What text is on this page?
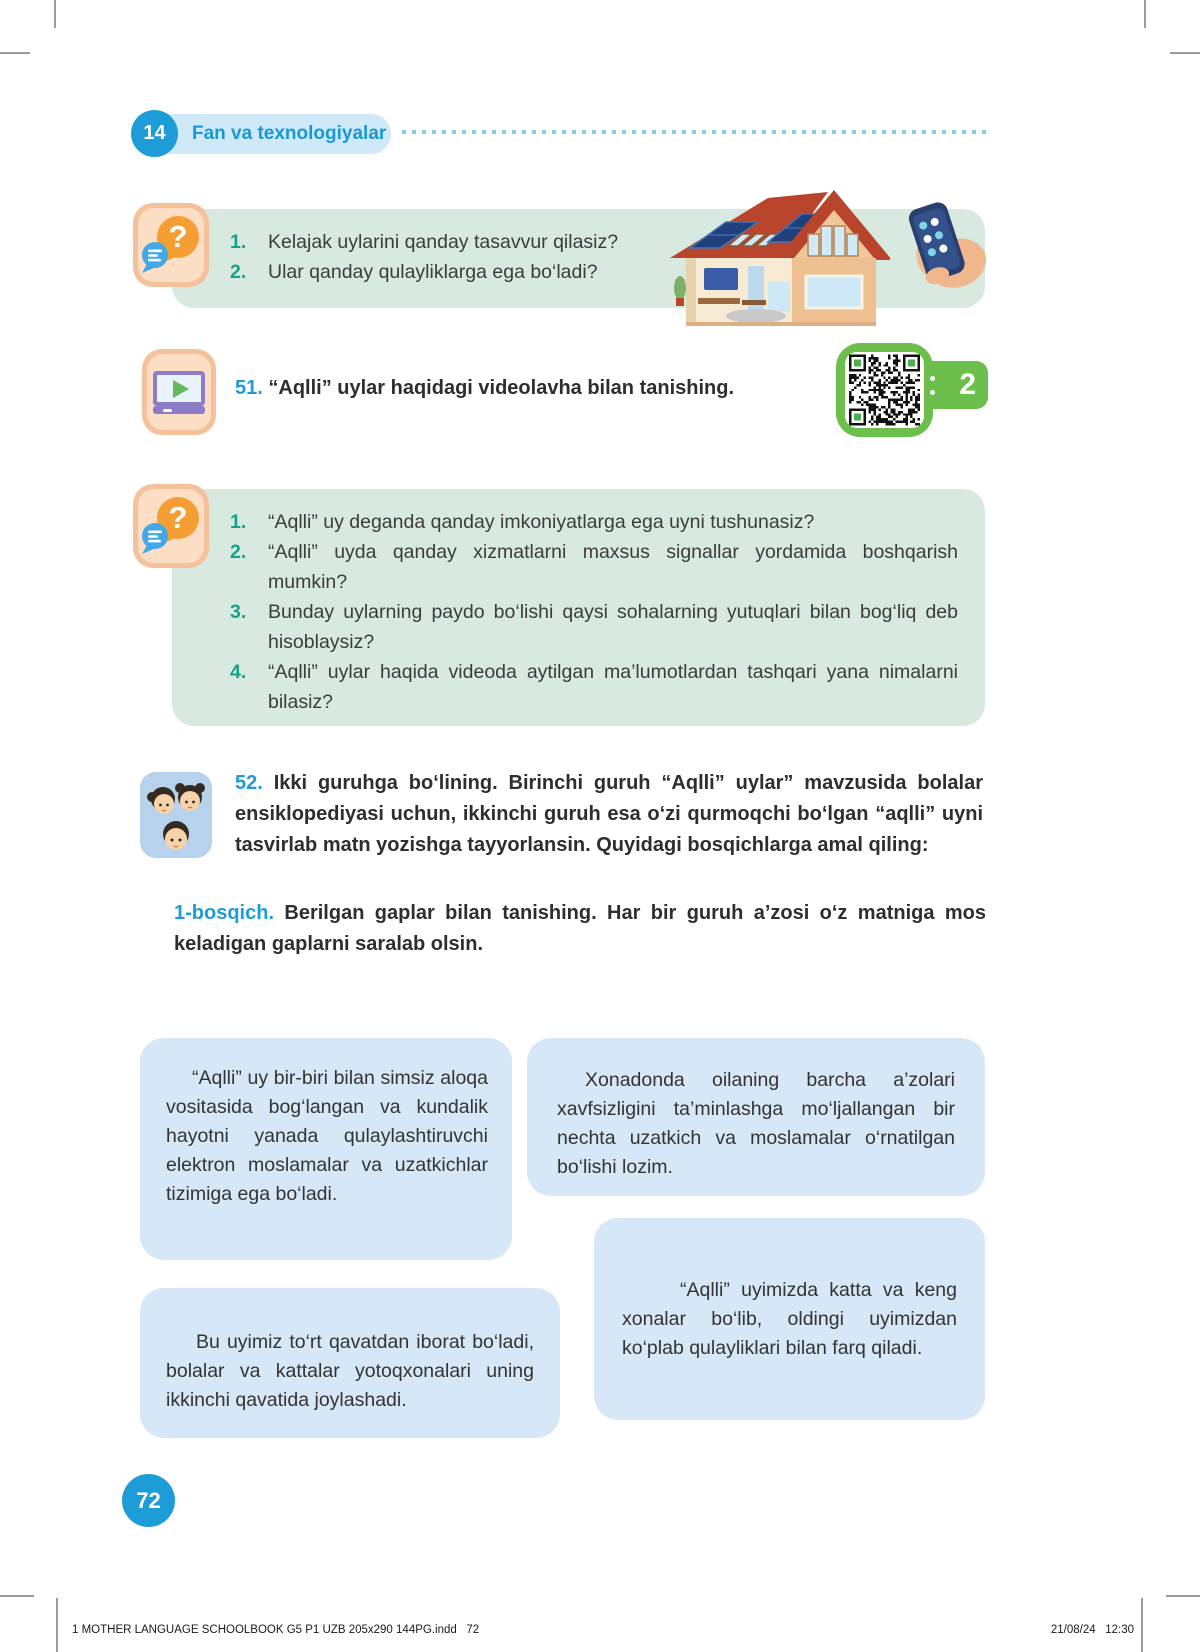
14	Fan va texnologiyalar
? 1.	Kelajak uylarini qanday tasavvur qilasiz?
2.	Ular qanday qulayliklarga ega bo‘ladi?
51. “Aqlli” uylar haqidagi videolavha bilan tanishing.	2
? 1.	“Aqlli” uy deganda qanday imkoniyatlarga ega uyni tushunasiz?
2.	“Aqlli” uyda qanday xizmatlarni maxsus signallar yordamida boshqarish mumkin?
3.	Bunday uylarning paydo bo‘lishi qaysi sohalarning yutuqlari bilan bog‘liq deb hisoblaysiz?
4.	“Aqlli” uylar haqida videoda aytilgan ma’lumotlardan tashqari yana nimalarni bilasiz?
52. Ikki guruhga bo‘lining. Birinchi guruh “Aqlli” uylar” mavzusida bolalar ensiklopediyasi uchun, ikkinchi guruh esa o‘zi qurmoqchi bo‘lgan “aqlli” uyni tasvirlab matn yozishga tayyorlansin. Quyidagi bosqichlarga amal qiling:
1-bosqich. Berilgan gaplar bilan tanishing. Har bir guruh a’zosi o‘z matniga mos keladigan gaplarni saralab olsin.
“Aqlli” uy bir-biri bilan simsiz aloqa vositasida bog‘langan va kundalik hayotni yanada qulaylashtiruvchi elektron moslamalar va uzatkichlar tizimiga ega bo‘ladi.
Xonadonda oilaning barcha a’zolari xavfsizligini ta’minlashga mo‘ljallangan bir nechta uzatkich va moslamalar o‘rnatilgan bo‘lishi lozim.
“Aqlli” uyimizda katta va keng xonalar bo‘lib, oldingi uyimizdan ko‘plab qulayliklari bilan farq qiladi.
Bu uyimiz to‘rt qavatdan iborat bo‘ladi, bolalar va kattalar yotoqxonalari uning ikkinchi qavatida joylashadi.
72
1 MOTHER LANGUAGE SCHOOLBOOK G5 P1 UZB 205x290 144PG.indd 72	21/08/24 12:30
